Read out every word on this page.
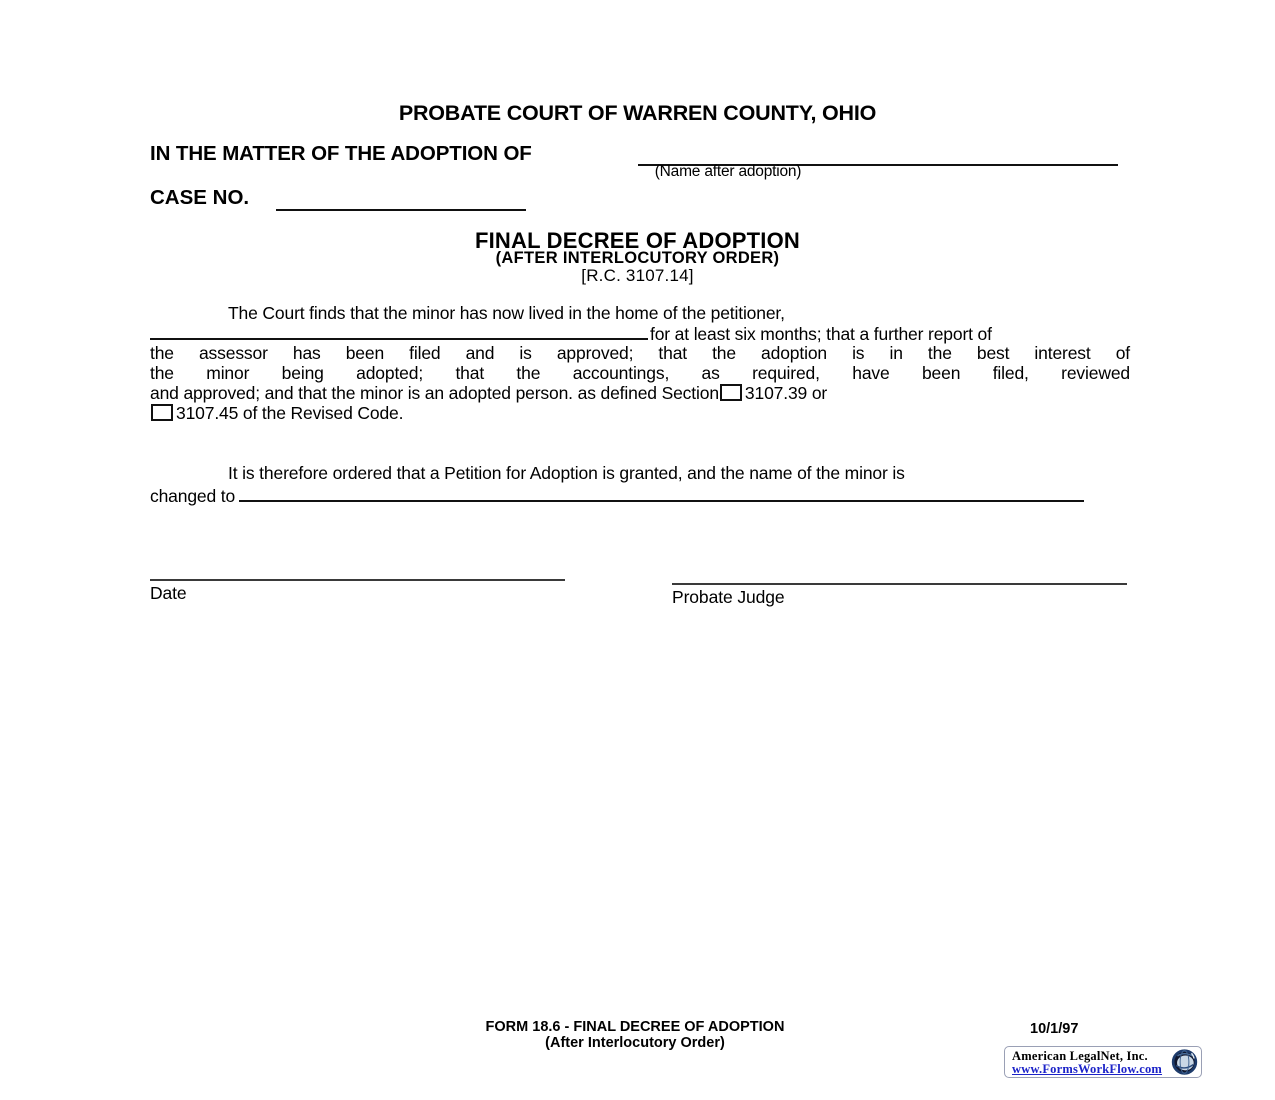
PROBATE COURT OF WARREN COUNTY, OHIO
IN THE MATTER OF THE ADOPTION OF
(Name after adoption)
CASE NO.
FINAL DECREE OF ADOPTION
(AFTER INTERLOCUTORY ORDER)
[R.C. 3107.14]
The Court finds that the minor has now lived in the home of the petitioner,
for at least six months; that a further report of
the assessor has been filed and is approved; that the adoption is in the best interest of
the minor being adopted; that the accountings, as required, have been filed, reviewed
and approved; and that the minor is an adopted person. as defined Section 3107.39 or
3107.45 of the Revised Code.
It is therefore ordered that a Petition for Adoption is granted, and the name of the minor is
changed to
Date	Probate Judge
FORM 18.6 - FINAL DECREE OF ADOPTION
(After Interlocutory Order)
10/1/97
American LegalNet, Inc.
www.FormsWorkFlow.com
